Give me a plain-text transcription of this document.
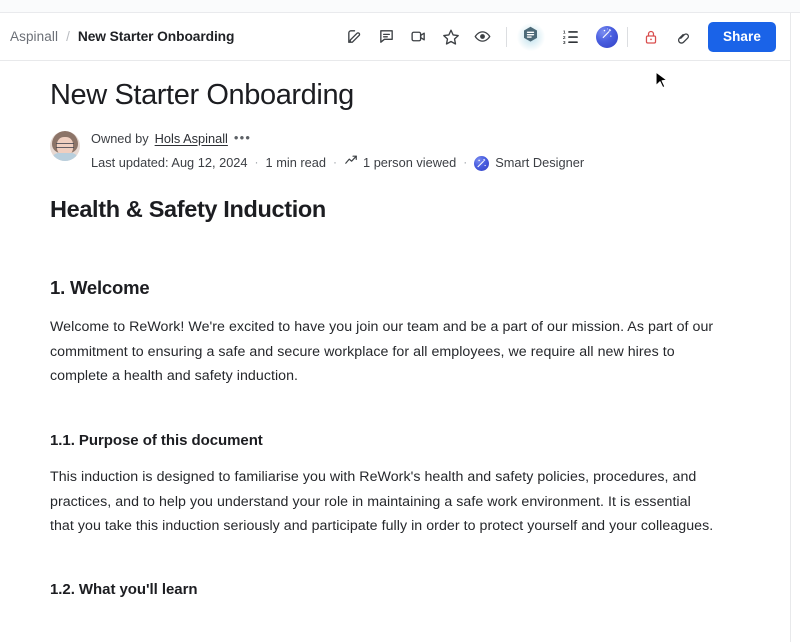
Aspinall / New Starter Onboarding	1
2
3	Share
New Starter Onboarding
Owned by Hols Aspinall •••
Last updated: Aug 12, 2024 · 1 min read · 1 person viewed · Smart Designer
Health & Safety Induction
1. Welcome

Welcome to ReWork! We're excited to have you join our team and be a part of our mission. As part of our commitment to ensuring a safe and secure workplace for all employees, we require all new hires to complete a health and safety induction.

1.1. Purpose of this document

This induction is designed to familiarise you with ReWork's health and safety policies, procedures, and practices, and to help you understand your role in maintaining a safe work environment. It is essential that you take this induction seriously and participate fully in order to protect yourself and your colleagues.

1.2. What you'll learn
